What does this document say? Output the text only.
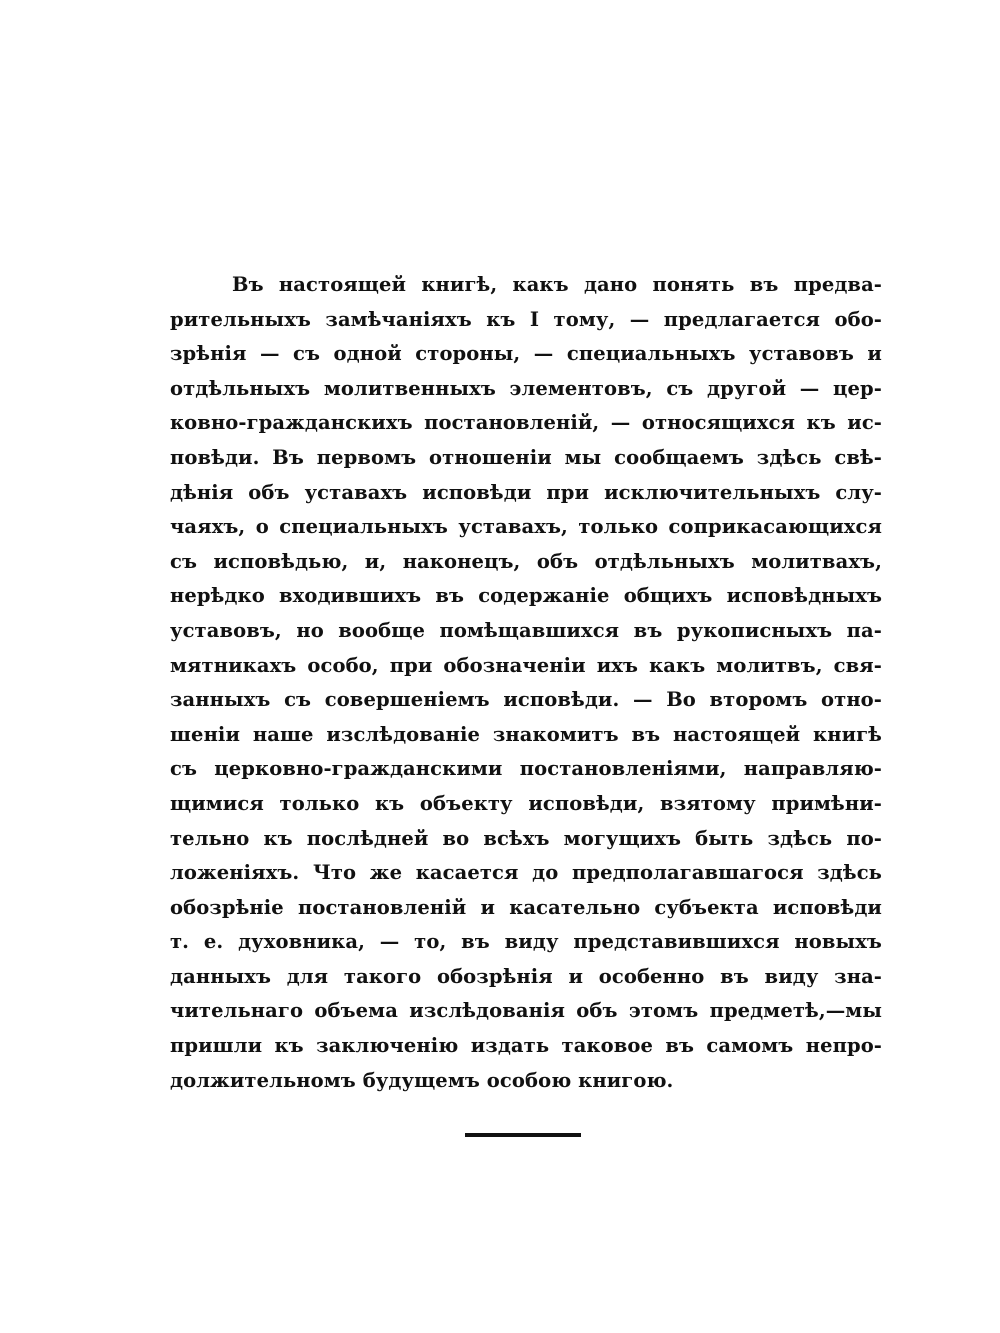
Въ настоящей книгѣ, какъ дано понять въ предва-
рительныхъ замѣчаніяхъ къ I тому, — предлагается обо-
зрѣнія — съ одной стороны, — специальныхъ уставовъ и
отдѣльныхъ молитвенныхъ элементовъ, съ другой — цер-
ковно-гражданскихъ постановленій, — относящихся къ ис-
повѣди. Въ первомъ отношеніи мы сообщаемъ здѣсь свѣ-
дѣнія объ уставахъ исповѣди при исключительныхъ слу-
чаяхъ, о специальныхъ уставахъ, только соприкасающихся
съ исповѣдью, и, наконецъ, объ отдѣльныхъ молитвахъ,
нерѣдко входившихъ въ содержаніе общихъ исповѣдныхъ
уставовъ, но вообще помѣщавшихся въ рукописныхъ па-
мятникахъ особо, при обозначеніи ихъ какъ молитвъ, свя-
занныхъ съ совершеніемъ исповѣди. — Во второмъ отно-
шеніи наше изслѣдованіе знакомитъ въ настоящей книгѣ
съ церковно-гражданскими постановленіями, направляю-
щимися только къ объекту исповѣди, взятому примѣни-
тельно къ послѣдней во всѣхъ могущихъ быть здѣсь по-
ложеніяхъ. Что же касается до предполагавшагося здѣсь
обозрѣніе постановленій и касательно субъекта исповѣди
т. е. духовника, — то, въ виду представившихся новыхъ
данныхъ для такого обозрѣнія и особенно въ виду зна-
чительнаго объема изслѣдованія объ этомъ предметѣ,—мы
пришли къ заключенію издать таковое въ самомъ непро-
должительномъ будущемъ особою книгою.
